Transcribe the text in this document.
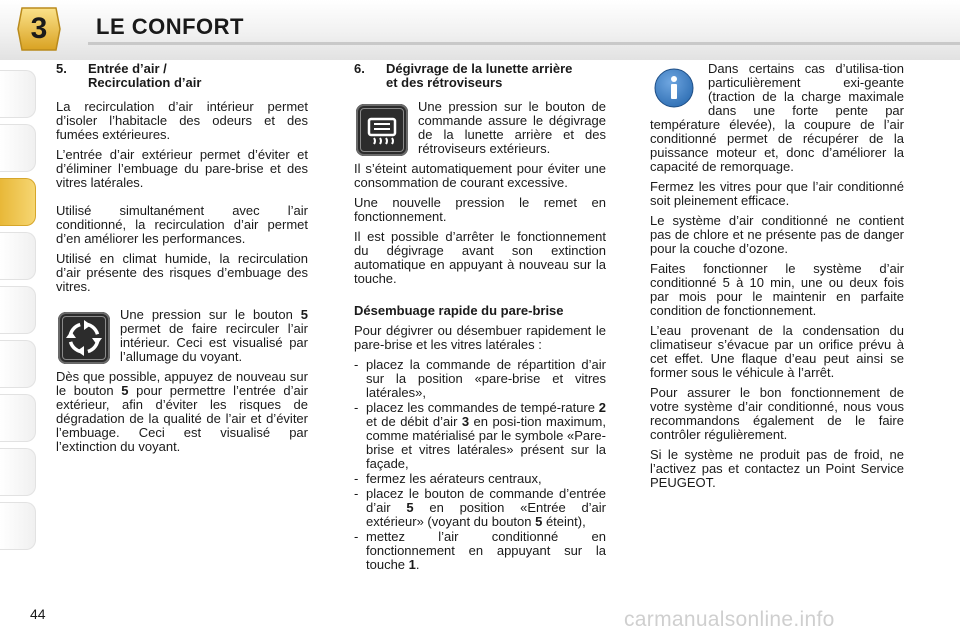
3	LE CONFORT
5.	Entrée d’air /
Recirculation d’air

La recirculation d’air intérieur permet d’isoler l’habitacle des odeurs et des fumées extérieures.

L’entrée d’air extérieur permet d’éviter et d’éliminer l’embuage du pare-brise et des vitres latérales.

Utilisé simultanément avec l’air conditionné, la recirculation d’air permet d’en améliorer les performances.

Utilisé en climat humide, la recirculation d’air présente des risques d’embuage des vitres.

Une pression sur le bouton 5 permet de faire recirculer l’air intérieur. Ceci est visualisé par l’allumage du voyant.

Dès que possible, appuyez de nouveau sur le bouton 5 pour permettre l’entrée d’air extérieur, afin d’éviter les risques de dégradation de la qualité de l’air et d’éviter l’embuage. Ceci est visualisé par l’extinction du voyant.

6.	Dégivrage de la lunette arrière
et des rétroviseurs

Une pression sur le bouton de commande assure le dégivrage de la lunette arrière et des rétroviseurs extérieurs.

Il s’éteint automatiquement pour éviter une consommation de courant excessive.

Une nouvelle pression le remet en fonctionnement.

Il est possible d’arrêter le fonctionnement du dégivrage avant son extinction automatique en appuyant à nouveau sur la touche.

Désembuage rapide du pare-brise

Pour dégivrer ou désembuer rapidement le pare-brise et les vitres latérales :

- placez la commande de répartition d’air sur la position «pare-brise et vitres latérales»,
- placez les commandes de tempé-rature 2 et de débit d’air 3 en posi-tion maximum, comme matérialisé par le symbole «Pare-brise et vitres latérales» présent sur la façade,
- fermez les aérateurs centraux,
- placez le bouton de commande d’entrée d’air 5 en position «Entrée d’air extérieur» (voyant du bouton 5 éteint),
- mettez l’air conditionné en fonctionnement en appuyant sur la touche 1.

Dans certains cas d’utilisa-tion particulièrement exi-geante (traction de la charge maximale dans une forte pente par température élevée), la coupure de l’air conditionné permet de récupérer de la puissance moteur et, donc d’améliorer la capacité de remorquage.

Fermez les vitres pour que l’air conditionné soit pleinement efficace.

Le système d’air conditionné ne contient pas de chlore et ne présente pas de danger pour la couche d’ozone.

Faites fonctionner le système d’air conditionné 5 à 10 min, une ou deux fois par mois pour le maintenir en parfaite condition de fonctionnement.

L’eau provenant de la condensation du climatiseur s’évacue par un orifice prévu à cet effet. Une flaque d’eau peut ainsi se former sous le véhicule à l’arrêt.

Pour assurer le bon fonctionnement de votre système d’air conditionné, nous vous recommandons également de le faire contrôler régulièrement.

Si le système ne produit pas de froid, ne l’activez pas et contactez un Point Service PEUGEOT.

44	carmanualsonline.info
